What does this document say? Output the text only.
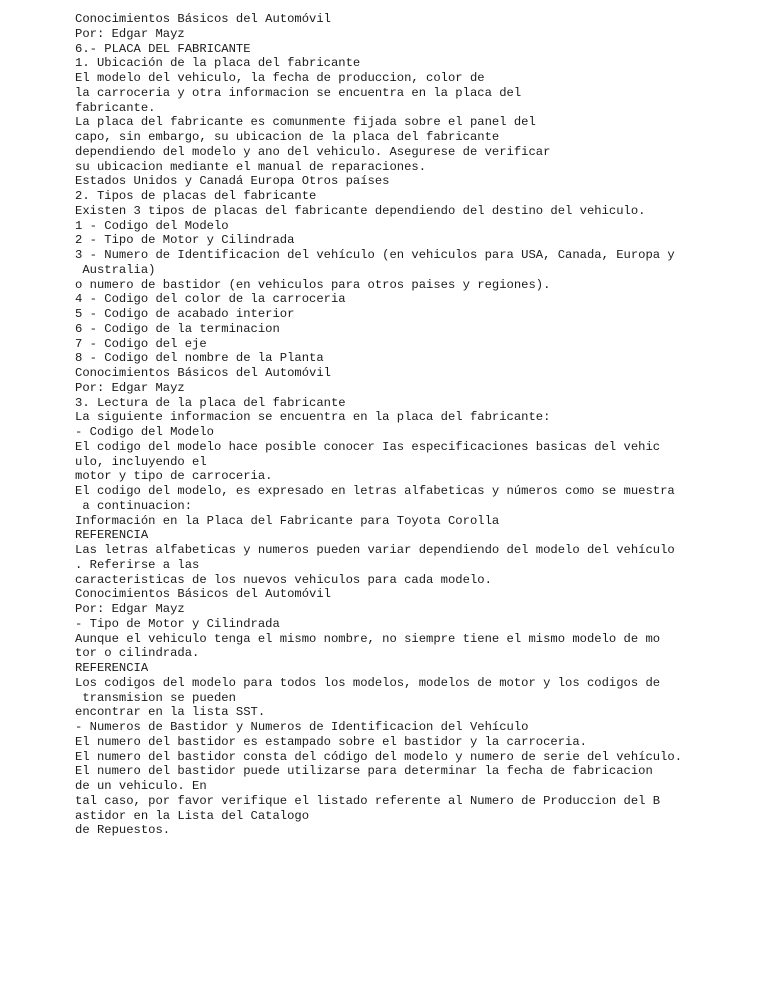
Conocimientos Básicos del Automóvil
Por: Edgar Mayz
6.- PLACA DEL FABRICANTE
1. Ubicación de la placa del fabricante
El modelo del vehiculo, la fecha de produccion, color de
la carroceria y otra informacion se encuentra en la placa del
fabricante.
La placa del fabricante es comunmente fijada sobre el panel del
capo, sin embargo, su ubicacion de la placa del fabricante
dependiendo del modelo y ano del vehiculo. Asegurese de verificar
su ubicacion mediante el manual de reparaciones.
Estados Unidos y Canadá Europa Otros países
2. Tipos de placas del fabricante
Existen 3 tipos de placas del fabricante dependiendo del destino del vehiculo.
1 - Codigo del Modelo
2 - Tipo de Motor y Cilindrada
3 - Numero de Identificacion del vehículo (en vehiculos para USA, Canada, Europa y
Australia)
o numero de bastidor (en vehiculos para otros paises y regiones).
4 - Codigo del color de la carroceria
5 - Codigo de acabado interior
6 - Codigo de la terminacion
7 - Codigo del eje
8 - Codigo del nombre de la Planta
Conocimientos Básicos del Automóvil
Por: Edgar Mayz
3. Lectura de la placa del fabricante
La siguiente informacion se encuentra en la placa del fabricante:
- Codigo del Modelo
El codigo del modelo hace posible conocer Ias especificaciones basicas del vehic
ulo, incluyendo el
motor y tipo de carroceria.
El codigo del modelo, es expresado en letras alfabeticas y números como se muestra
a continuacion:
Información en la Placa del Fabricante para Toyota Corolla
REFERENCIA
Las letras alfabeticas y numeros pueden variar dependiendo del modelo del vehículo
. Referirse a las
caracteristicas de los nuevos vehiculos para cada modelo.
Conocimientos Básicos del Automóvil
Por: Edgar Mayz
- Tipo de Motor y Cilindrada
Aunque el vehiculo tenga el mismo nombre, no siempre tiene el mismo modelo de mo
tor o cilindrada.
REFERENCIA
Los codigos del modelo para todos los modelos, modelos de motor y los codigos de
transmision se pueden
encontrar en la lista SST.
- Numeros de Bastidor y Numeros de Identificacion del Vehículo
El numero del bastidor es estampado sobre el bastidor y la carroceria.
El numero del bastidor consta del código del modelo y numero de serie del vehículo.
El numero del bastidor puede utilizarse para determinar la fecha de fabricacion
de un vehiculo. En
tal caso, por favor verifique el listado referente al Numero de Produccion del B
astidor en la Lista del Catalogo
de Repuestos.
